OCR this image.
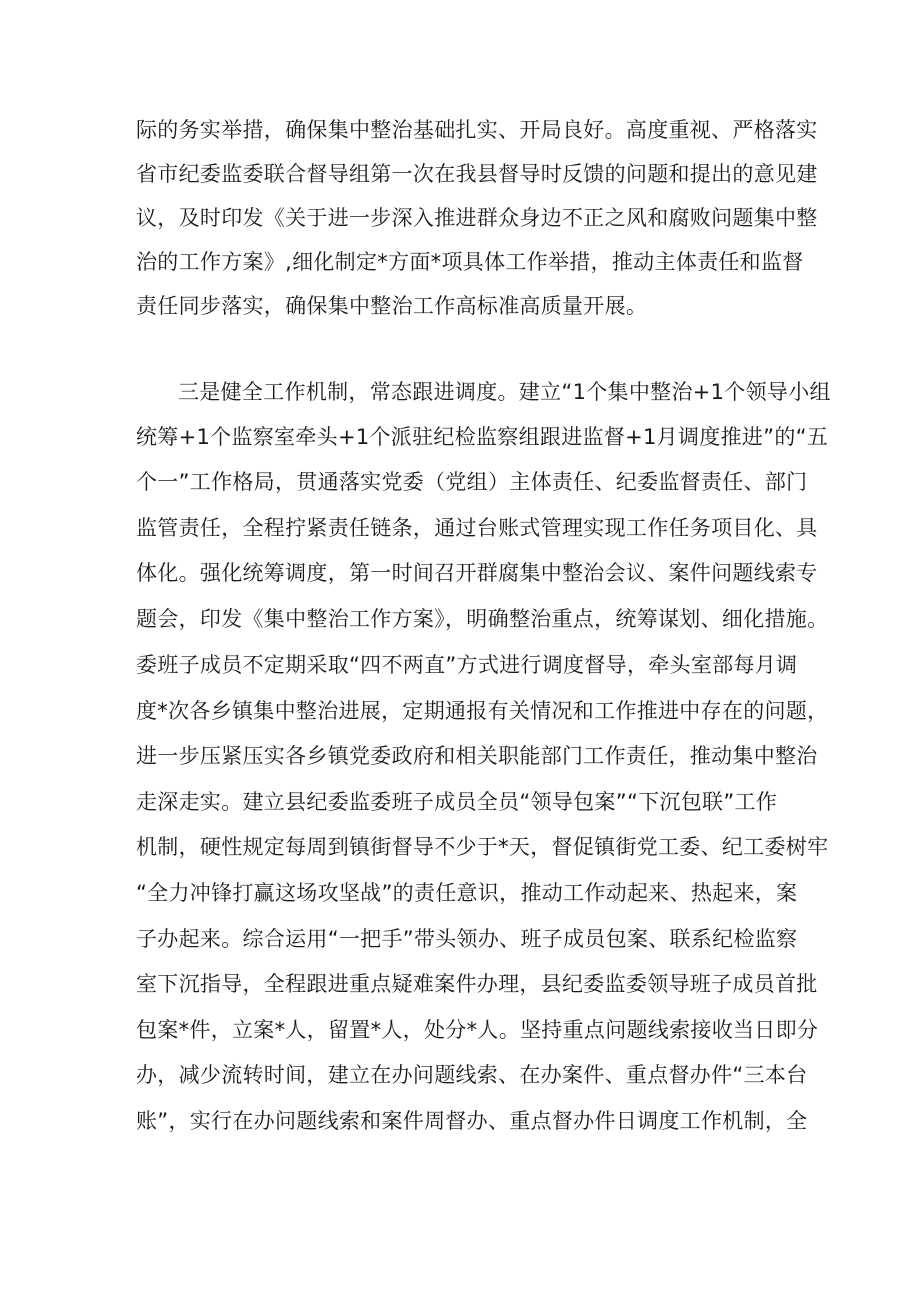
际的务实举措，确保集中整治基础扎实、开局良好。高度重视、严格落实
省市纪委监委联合督导组第一次在我县督导时反馈的问题和提出的意见建
议，及时印发《关于进一步深入推进群众身边不正之风和腐败问题集中整
治的工作方案》,细化制定*方面*项具体工作举措，推动主体责任和监督
责任同步落实，确保集中整治工作高标准高质量开展。
三是健全工作机制，常态跟进调度。建立“1个集中整治+1个领导小组
统筹+1个监察室牵头+1个派驻纪检监察组跟进监督+1月调度推进”的“五
个一”工作格局，贯通落实党委（党组）主体责任、纪委监督责任、部门
监管责任，全程拧紧责任链条，通过台账式管理实现工作任务项目化、具
体化。强化统筹调度，第一时间召开群腐集中整治会议、案件问题线索专
题会，印发《集中整治工作方案》，明确整治重点，统筹谋划、细化措施。
委班子成员不定期采取“四不两直”方式进行调度督导，牵头室部每月调
度*次各乡镇集中整治进展，定期通报有关情况和工作推进中存在的问题，
进一步压紧压实各乡镇党委政府和相关职能部门工作责任，推动集中整治
走深走实。建立县纪委监委班子成员全员“领导包案”“下沉包联”工作
机制，硬性规定每周到镇街督导不少于*天，督促镇街党工委、纪工委树牢
“全力冲锋打赢这场攻坚战”的责任意识，推动工作动起来、热起来，案
子办起来。综合运用“一把手”带头领办、班子成员包案、联系纪检监察
室下沉指导，全程跟进重点疑难案件办理，县纪委监委领导班子成员首批
包案*件，立案*人，留置*人，处分*人。坚持重点问题线索接收当日即分
办，减少流转时间，建立在办问题线索、在办案件、重点督办件“三本台
账”，实行在办问题线索和案件周督办、重点督办件日调度工作机制，全
